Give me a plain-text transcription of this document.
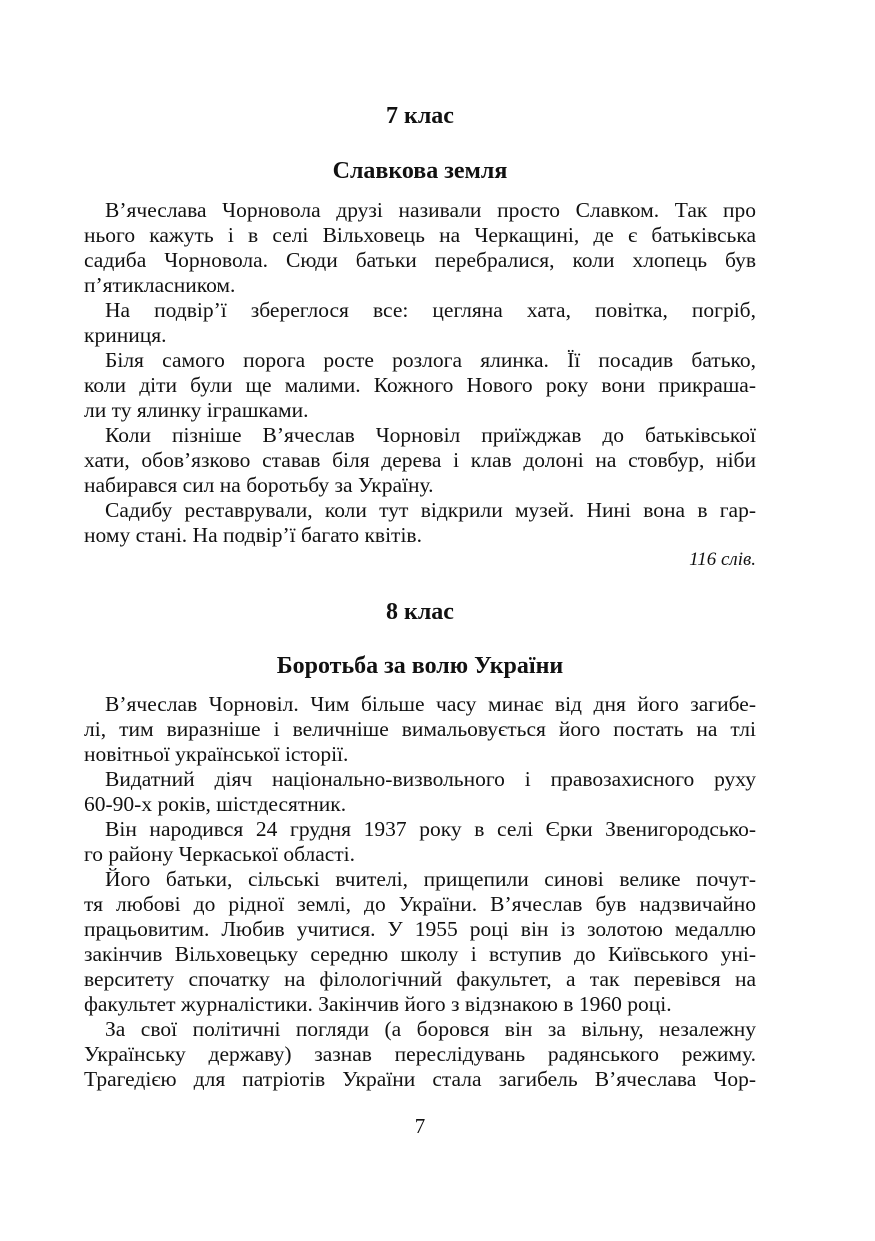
7 клас
Славкова земля

В’ячеслава Чорновола друзі називали просто Славком. Так про

нього кажуть і в селі Вільховець на Черкащині, де є батьківська

садиба Чорновола. Сюди батьки перебралися, коли хлопець був

п’ятикласником.

На подвір’ї збереглося все: цегляна хата, повітка, погріб,

криниця.

Біля самого порога росте розлога ялинка. Її посадив батько,

коли діти були ще малими. Кожного Нового року вони прикраша-

ли ту ялинку іграшками.

Коли пізніше В’ячеслав Чорновіл приїжджав до батьківської

хати, обов’язково ставав біля дерева і клав долоні на стовбур, ніби

набирався сил на боротьбу за Україну.

Садибу реставрували, коли тут відкрили музей. Нині вона в гар-

ному стані. На подвір’ї багато квітів.

116 слів.

8 клас
Боротьба за волю України

В’ячеслав Чорновіл. Чим більше часу минає від дня його загибе-

лі, тим виразніше і величніше вимальовується його постать на тлі

новітньої української історії.

Видатний діяч національно-визвольного і правозахисного руху

60-90-х років, шістдесятник.

Він народився 24 грудня 1937 року в селі Єрки Звенигородсько-

го району Черкаської області.

Його батьки, сільські вчителі, прищепили синові велике почут-

тя любові до рідної землі, до України. В’ячеслав був надзвичайно

працьовитим. Любив учитися. У 1955 році він із золотою медаллю

закінчив Вільховецьку середню школу і вступив до Київського уні-

верситету спочатку на філологічний факультет, а так перевівся на

факультет журналістики. Закінчив його з відзнакою в 1960 році.

За свої політичні погляди (а боровся він за вільну, незалежну

Українську державу) зазнав переслідувань радянського режиму.

Трагедією для патріотів України стала загибель В’ячеслава Чор-

7
